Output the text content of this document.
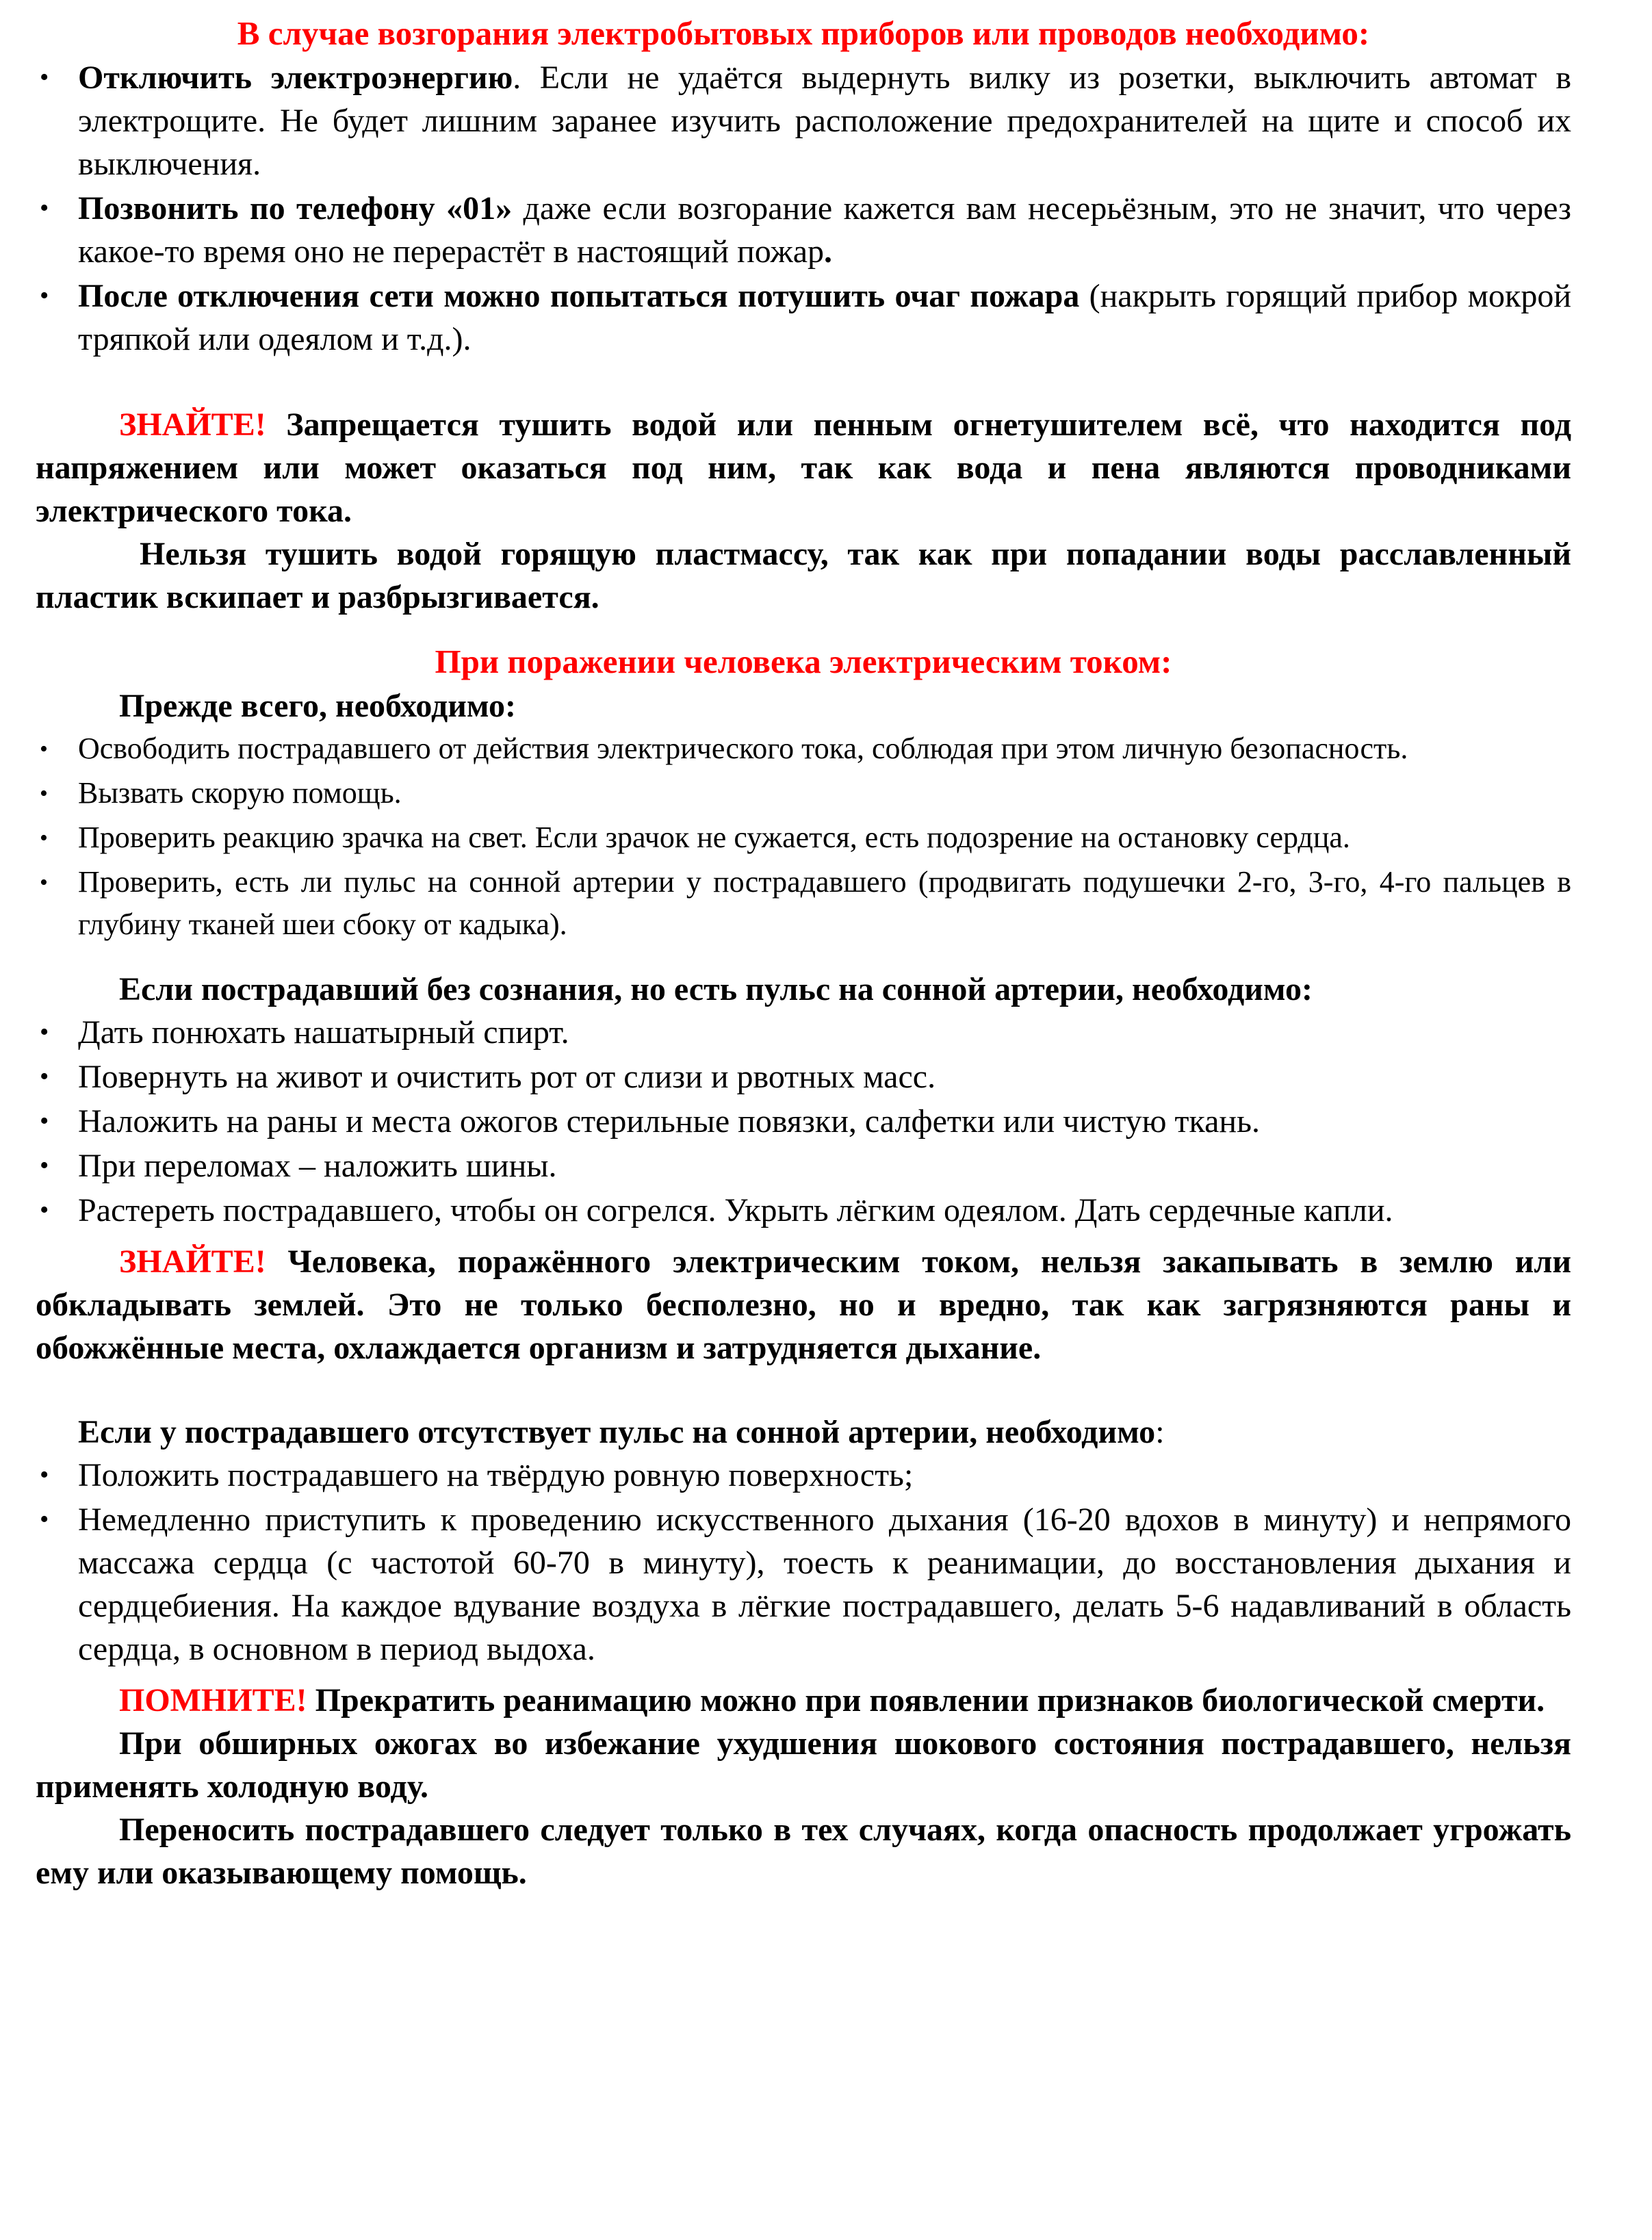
В случае возгорания электробытовых приборов или проводов необходимо:

• Отключить электроэнергию. Если не удаётся выдернуть вилку из розетки, выключить автомат в электрощите. Не будет лишним заранее изучить расположение предохранителей на щите и способ их выключения.

• Позвонить по телефону «01» даже если возгорание кажется вам несерьёзным, это не значит, что через какое-то время оно не перерастёт в настоящий пожар.

• После отключения сети можно попытаться потушить очаг пожара (накрыть горящий прибор мокрой тряпкой или одеялом и т.д.).

ЗНАЙТЕ! Запрещается тушить водой или пенным огнетушителем всё, что находится под напряжением или может оказаться под ним, так как вода и пена являются проводниками электрического тока.

Нельзя тушить водой горящую пластмассу, так как при попадании воды расславленный пластик вскипает и разбрызгивается.

При поражении человека электрическим током:

Прежде всего, необходимо:

•	Освободить пострадавшего от действия электрического тока, соблюдая при этом личную безопасность.

•	Вызвать скорую помощь.

•	Проверить реакцию зрачка на свет. Если зрачок не сужается, есть подозрение на остановку сердца.

•	Проверить, есть ли пульс на сонной артерии у пострадавшего (продвигать подушечки 2-го, 3-го, 4-го пальцев в глубину тканей шеи сбоку от кадыка).

Если пострадавший без сознания, но есть пульс на сонной артерии, необходимо:

• Дать понюхать нашатырный спирт.

• Повернуть на живот и очистить рот от слизи и рвотных масс.

• Наложить на раны и места ожогов стерильные повязки, салфетки или чистую ткань.

• При переломах – наложить шины.

• Растереть пострадавшего, чтобы он согрелся. Укрыть лёгким одеялом. Дать сердечные капли.

ЗНАЙТЕ! Человека, поражённого электрическим током, нельзя закапывать в землю или обкладывать землей. Это не только бесполезно, но и вредно, так как загрязняются раны и обожжённые места, охлаждается организм и затрудняется дыхание.

Если у пострадавшего отсутствует пульс на сонной артерии, необходимо:

• Положить пострадавшего на твёрдую ровную поверхность;

• Немедленно приступить к проведению искусственного дыхания (16-20 вдохов в минуту) и непрямого массажа сердца (с частотой 60-70 в минуту), тоесть к реанимации, до восстановления дыхания и сердцебиения. На каждое вдувание воздуха в лёгкие пострадавшего, делать 5-6 надавливаний в область сердца, в основном в период выдоха.

ПОМНИТЕ! Прекратить реанимацию можно при появлении признаков биологической смерти.

При обширных ожогах во избежание ухудшения шокового состояния пострадавшего, нельзя применять холодную воду.

Переносить пострадавшего следует только в тех случаях, когда опасность продолжает угрожать ему или оказывающему помощь.
